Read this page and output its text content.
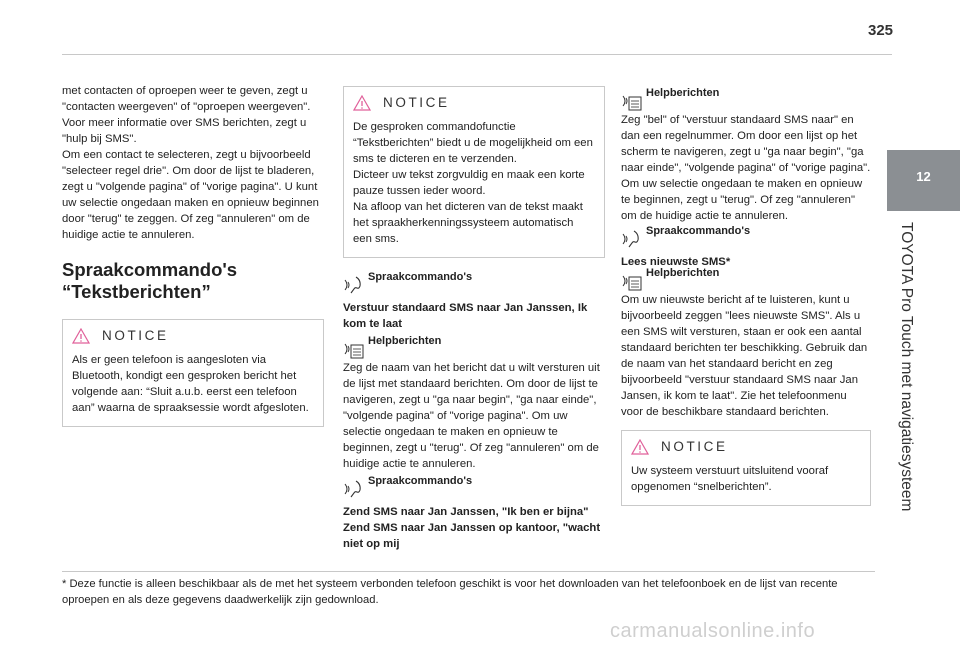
325
12
TOYOTA Pro Touch met navigatiesysteem

met contacten of oproepen weer te geven, zegt u "contacten weergeven" of "oproepen weergeven". Voor meer informatie over SMS berichten, zegt u "hulp bij SMS".

Om een contact te selecteren, zegt u bijvoorbeeld "selecteer regel drie". Om door de lijst te bladeren, zegt u "volgende pagina" of "vorige pagina". U kunt uw selectie ongedaan maken en opnieuw beginnen door "terug" te zeggen. Of zeg "annuleren" om de huidige actie te annuleren.

Spraakcommando's
“Tekstberichten”
NOTICE

Als er geen telefoon is aangesloten via Bluetooth, kondigt een gesproken bericht het volgende aan: “Sluit a.u.b. eerst een telefoon aan” waarna de spraaksessie wordt afgesloten.

NOTICE

De gesproken commandofunctie “Tekstberichten” biedt u de mogelijkheid om een sms te dicteren en te verzenden.

Dicteer uw tekst zorgvuldig en maak een korte pauze tussen ieder woord.

Na afloop van het dicteren van de tekst maakt het spraakherkenningssysteem automatisch een sms.

Spraakcommando's

Verstuur standaard SMS naar Jan Janssen, Ik kom te laat

Helpberichten

Zeg de naam van het bericht dat u wilt versturen uit de lijst met standaard berichten. Om door de lijst te navigeren, zegt u "ga naar begin", "ga naar einde", "volgende pagina" of "vorige pagina". Om uw selectie ongedaan te maken en opnieuw te beginnen, zegt u "terug". Of zeg "annuleren" om de huidige actie te annuleren.

Spraakcommando's

Zend SMS naar Jan Janssen, "Ik ben er bijna"

Zend SMS naar Jan Janssen op kantoor, "wacht niet op mij

Helpberichten

Zeg "bel" of "verstuur standaard SMS naar" en dan een regelnummer. Om door een lijst op het scherm te navigeren, zegt u "ga naar begin", "ga naar einde", "volgende pagina" of "vorige pagina". Om uw selectie ongedaan te maken en opnieuw te beginnen, zegt u "terug". Of zeg "annuleren" om de huidige actie te annuleren.

Spraakcommando's

Lees nieuwste SMS*

Helpberichten

Om uw nieuwste bericht af te luisteren, kunt u bijvoorbeeld zeggen "lees nieuwste SMS". Als u een SMS wilt versturen, staan er ook een aantal standaard berichten ter beschikking. Gebruik dan de naam van het standaard bericht en zeg bijvoorbeeld "verstuur standaard SMS naar Jan Jansen, ik kom te laat". Zie het telefoonmenu voor de beschikbare standaard berichten.

NOTICE

Uw systeem verstuurt uitsluitend vooraf opgenomen “snelberichten”.

* Deze functie is alleen beschikbaar als de met het systeem verbonden telefoon geschikt is voor het downloaden van het telefoonboek en de lijst van recente oproepen en als deze gegevens daadwerkelijk zijn gedownload.
carmanualsonline.info
